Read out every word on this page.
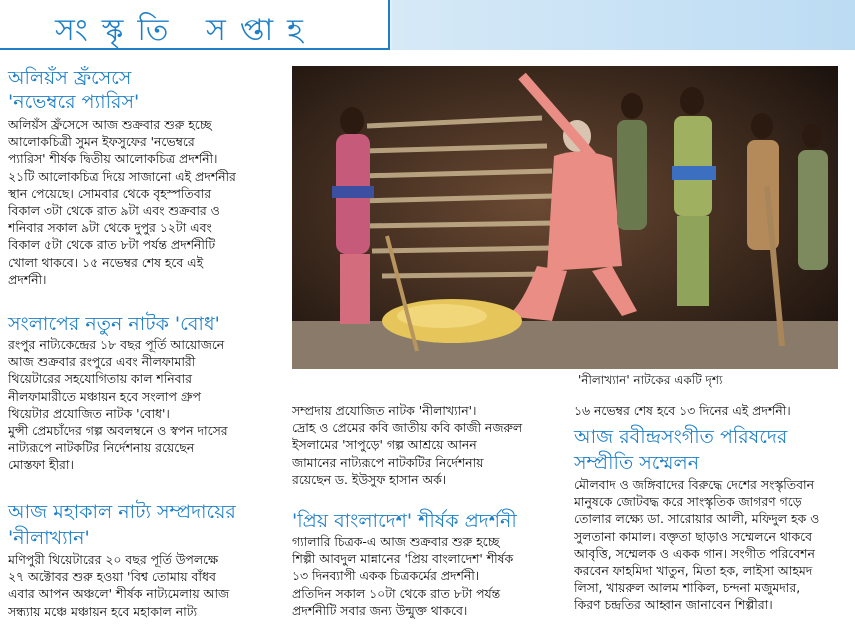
সংস্কৃতি সপ্তাহ
অলিয়ঁস ফ্রঁসেসে
'নভেম্বরে প্যারিস'

অলিয়ঁস ফ্রঁসেসে আজ শুক্রবার শুরু হচ্ছে

আলোকচিত্রী সুমন ইফসুফের 'নভেম্বরে

প্যারিস' শীর্ষক দ্বিতীয় আলোকচিত্র প্রদর্শনী।

২১টি আলোকচিত্র দিয়ে সাজানো এই প্রদর্শনীর

স্থান পেয়েছে। সোমবার থেকে বৃহস্পতিবার

বিকাল ৩টা থেকে রাত ৯টা এবং শুক্রবার ও

শনিবার সকাল ৯টা থেকে দুপুর ১২টা এবং

বিকাল ৫টা থেকে রাত ৮টা পর্যন্ত প্রদর্শনীটি

খোলা থাকবে। ১৫ নভেম্বর শেষ হবে এই

প্রদর্শনী।

সংলাপের নতুন নাটক 'বোধ'

রংপুর নাট্যকেন্দ্রের ১৮ বছর পূর্তি আয়োজনে

আজ শুক্রবার রংপুরে এবং নীলফামারী

থিয়েটারের সহযোগিতায় কাল শনিবার

নীলফামারীতে মঞ্চায়ন হবে সংলাপ গ্রুপ

থিয়েটার প্রযোজিত নাটক 'বোধ'।

মুন্সী প্রেমচাঁদের গল্প অবলম্বনে ও স্বপন দাসের

নাট্যরূপে নাটকটির নির্দেশনায় রয়েছেন

মোস্তফা হীরা।

আজ মহাকাল নাট্য সম্প্রদায়ের
'নীলাখ্যান'

মণিপুরী থিয়েটারের ২০ বছর পূর্তি উপলক্ষে

২৭ অক্টোবর শুরু হওয়া 'বিশ্ব তোমায় বাঁধব

এবার আপন অঞ্চলে' শীর্ষক নাট্যমেলায় আজ

সন্ধ্যায় মঞ্চে মঞ্চায়ন হবে মহাকাল নাট্য

'নীলাখ্যান' নাটকের একটি দৃশ্য

সম্প্রদায় প্রযোজিত নাটক 'নীলাখ্যান'।

দ্রোহ ও প্রেমের কবি জাতীয় কবি কাজী নজরুল

ইসলামের 'সাপুড়ে' গল্প আশ্রয়ে আনন

জামানের নাট্যরূপে নাটকটির নির্দেশনায়

রয়েছেন ড. ইউসুফ হাসান অর্ক।

'প্রিয় বাংলাদেশ' শীর্ষক প্রদর্শনী

গ্যালারি চিত্রক-এ আজ শুক্রবার শুরু হচ্ছে

শিল্পী আবদুল মান্নানের 'প্রিয় বাংলাদেশ' শীর্ষক

১৩ দিনব্যাপী একক চিত্রকর্মের প্রদর্শনী।

প্রতিদিন সকাল ১০টা থেকে রাত ৮টা পর্যন্ত

প্রদর্শনীটি সবার জন্য উন্মুক্ত থাকবে।

১৬ নভেম্বর শেষ হবে ১৩ দিনের এই প্রদর্শনী।

আজ রবীন্দ্রসংগীত পরিষদের
সম্প্রীতি সম্মেলন

মৌলবাদ ও জঙ্গিবাদের বিরুদ্ধে দেশের সংস্কৃতিবান

মানুষকে জোটবদ্ধ করে সাংস্কৃতিক জাগরণ গড়ে

তোলার লক্ষ্যে ডা. সারোয়ার আলী, মফিদুল হক ও

সুলতানা কামাল। বক্তৃতা ছাড়াও সম্মেলনে থাকবে

আবৃত্তি, সম্মেলক ও একক গান। সংগীত পরিবেশন

করবেন ফাহমিদা খাতুন, মিতা হক, লাইসা আহমদ

লিসা, খায়রুল আলম শাকিল, চন্দনা মজুমদার,

কিরণ চন্দ্রতির আহ্বান জানাবেন শিল্পীরা।
